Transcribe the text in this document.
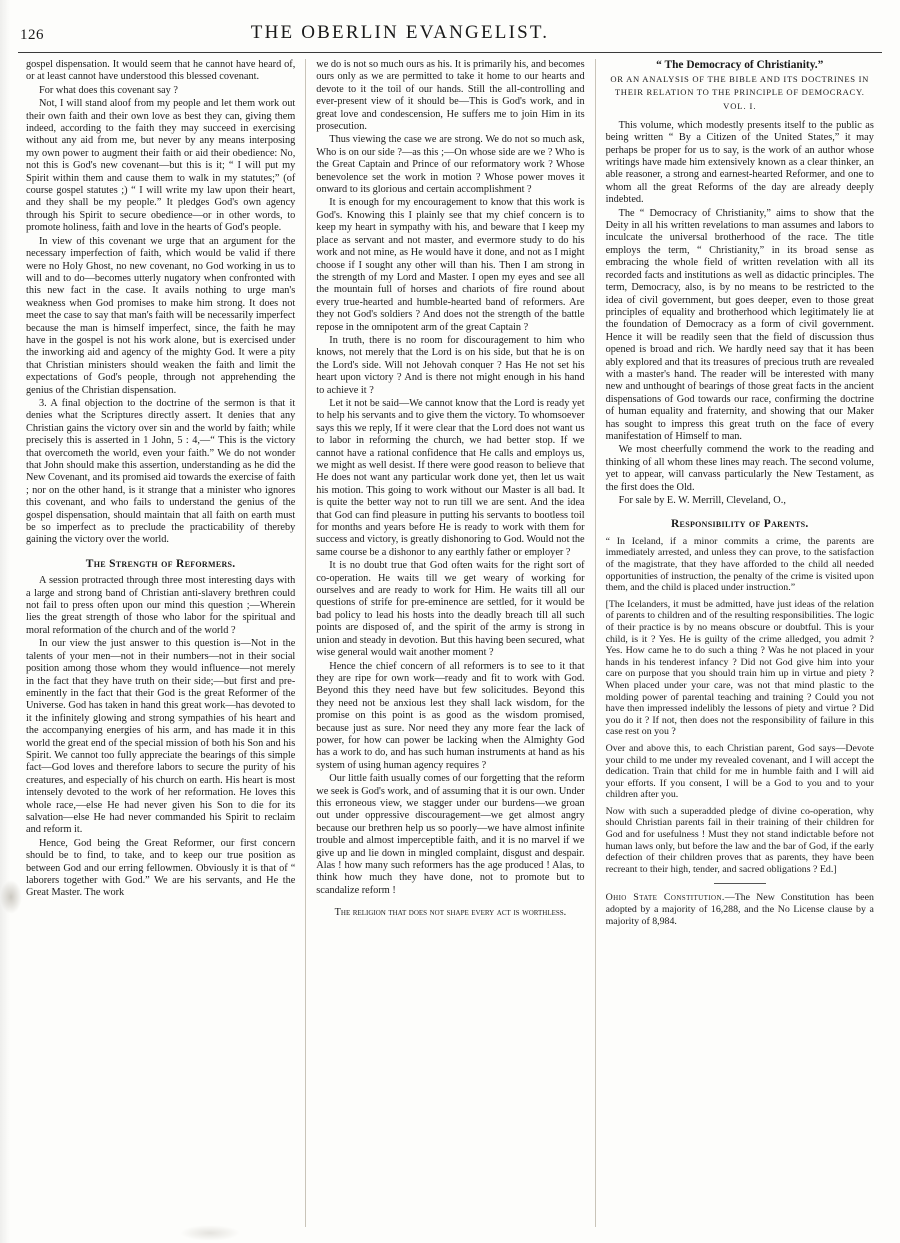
126	THE OBERLIN EVANGELIST.

gospel dispensation. It would seem that he cannot have heard of, or at least cannot have understood this blessed covenant.

For what does this covenant say ?

Not, I will stand aloof from my people and let them work out their own faith and their own love as best they can, giving them indeed, according to the faith they may succeed in exercising without any aid from me, but never by any means interposing my own power to augment their faith or aid their obedience: No, not this is God's new covenant—but this is it; “ I will put my Spirit within them and cause them to walk in my statutes;” (of course gospel statutes ;) “ I will write my law upon their heart, and they shall be my people.” It pledges God's own agency through his Spirit to secure obedience—or in other words, to promote holiness, faith and love in the hearts of God's people.

In view of this covenant we urge that an argument for the necessary imperfection of faith, which would be valid if there were no Holy Ghost, no new covenant, no God working in us to will and to do—becomes utterly nugatory when confronted with this new fact in the case. It avails nothing to urge man's weakness when God promises to make him strong. It does not meet the case to say that man's faith will be necessarily imperfect because the man is himself imperfect, since, the faith he may have in the gospel is not his work alone, but is exercised under the inworking aid and agency of the mighty God. It were a pity that Christian ministers should weaken the faith and limit the expectations of God's people, through not apprehending the genius of the Christian dispensation.

3. A final objection to the doctrine of the sermon is that it denies what the Scriptures directly assert. It denies that any Christian gains the victory over sin and the world by faith; while precisely this is asserted in 1 John, 5 : 4,—“ This is the victory that overcometh the world, even your faith.” We do not wonder that John should make this assertion, understanding as he did the New Covenant, and its promised aid towards the exercise of faith ; nor on the other hand, is it strange that a minister who ignores this covenant, and who fails to understand the genius of the gospel dispensation, should maintain that all faith on earth must be so imperfect as to preclude the practicability of thereby gaining the victory over the world.

The Strength of Reformers.

A session protracted through three most interesting days with a large and strong band of Christian anti-slavery brethren could not fail to press often upon our mind this question ;—Wherein lies the great strength of those who labor for the spiritual and moral reformation of the church and of the world ?

In our view the just answer to this question is—Not in the talents of your men—not in their numbers—not in their social position among those whom they would influence—not merely in the fact that they have truth on their side;—but first and pre-eminently in the fact that their God is the great Reformer of the Universe. God has taken in hand this great work—has devoted to it the infinitely glowing and strong sympathies of his heart and the accompanying energies of his arm, and has made it in this world the great end of the special mission of both his Son and his Spirit. We cannot too fully appreciate the bearings of this simple fact—God loves and therefore labors to secure the purity of his creatures, and especially of his church on earth. His heart is most intensely devoted to the work of her reformation. He loves this whole race,—else He had never given his Son to die for its salvation—else He had never commanded his Spirit to reclaim and reform it.

Hence, God being the Great Reformer, our first concern should be to find, to take, and to keep our true position as between God and our erring fellowmen. Obviously it is that of “ laborers together with God.” We are his servants, and He the Great Master. The work

we do is not so much ours as his. It is primarily his, and becomes ours only as we are permitted to take it home to our hearts and devote to it the toil of our hands. Still the all-controlling and ever-present view of it should be—This is God's work, and in great love and condescension, He suffers me to join Him in its prosecution.

Thus viewing the case we are strong. We do not so much ask, Who is on our side ?—as this ;—On whose side are we ? Who is the Great Captain and Prince of our reformatory work ? Whose benevolence set the work in motion ? Whose power moves it onward to its glorious and certain accomplishment ?

It is enough for my encouragement to know that this work is God's. Knowing this I plainly see that my chief concern is to keep my heart in sympathy with his, and beware that I keep my place as servant and not master, and evermore study to do his work and not mine, as He would have it done, and not as I might choose if I sought any other will than his. Then I am strong in the strength of my Lord and Master. I open my eyes and see all the mountain full of horses and chariots of fire round about every true-hearted and humble-hearted band of reformers. Are they not God's soldiers ? And does not the strength of the battle repose in the omnipotent arm of the great Captain ?

In truth, there is no room for discouragement to him who knows, not merely that the Lord is on his side, but that he is on the Lord's side. Will not Jehovah conquer ? Has He not set his heart upon victory ? And is there not might enough in his hand to achieve it ?

Let it not be said—We cannot know that the Lord is ready yet to help his servants and to give them the victory. To whomsoever says this we reply, If it were clear that the Lord does not want us to labor in reforming the church, we had better stop. If we cannot have a rational confidence that He calls and employs us, we might as well desist. If there were good reason to believe that He does not want any particular work done yet, then let us wait his motion. This going to work without our Master is all bad. It is quite the better way not to run till we are sent. And the idea that God can find pleasure in putting his servants to bootless toil for months and years before He is ready to work with them for success and victory, is greatly dishonoring to God. Would not the same course be a dishonor to any earthly father or employer ?

It is no doubt true that God often waits for the right sort of co-operation. He waits till we get weary of working for ourselves and are ready to work for Him. He waits till all our questions of strife for pre-eminence are settled, for it would be bad policy to lead his hosts into the deadly breach till all such points are disposed of, and the spirit of the army is strong in union and steady in devotion. But this having been secured, what wise general would wait another moment ?

Hence the chief concern of all reformers is to see to it that they are ripe for own work—ready and fit to work with God. Beyond this they need have but few solicitudes. Beyond this they need not be anxious lest they shall lack wisdom, for the promise on this point is as good as the wisdom promised, because just as sure. Nor need they any more fear the lack of power, for how can power be lacking when the Almighty God has a work to do, and has such human instruments at hand as his system of using human agency requires ?

Our little faith usually comes of our forgetting that the reform we seek is God's work, and of assuming that it is our own. Under this erroneous view, we stagger under our burdens—we groan out under oppressive discouragement—we get almost angry because our brethren help us so poorly—we have almost infinite trouble and almost imperceptible faith, and it is no marvel if we give up and lie down in mingled complaint, disgust and despair. Alas ! how many such reformers has the age produced ! Alas, to think how much they have done, not to promote but to scandalize reform !

The religion that does not shape every act is worthless.
“ The Democracy of Christianity.”
OR AN ANALYSIS OF THE BIBLE AND ITS DOCTRINES IN
THEIR RELATION TO THE PRINCIPLE OF DEMOCRACY.
VOL. I.

This volume, which modestly presents itself to the public as being written “ By a Citizen of the United States,” it may perhaps be proper for us to say, is the work of an author whose writings have made him extensively known as a clear thinker, an able reasoner, a strong and earnest-hearted Reformer, and one to whom all the great Reforms of the day are already deeply indebted.

The “ Democracy of Christianity,” aims to show that the Deity in all his written revelations to man assumes and labors to inculcate the universal brotherhood of the race. The title employs the term, “ Christianity,” in its broad sense as embracing the whole field of written revelation with all its recorded facts and institutions as well as didactic principles. The term, Democracy, also, is by no means to be restricted to the idea of civil government, but goes deeper, even to those great principles of equality and brotherhood which legitimately lie at the foundation of Democracy as a form of civil government. Hence it will be readily seen that the field of discussion thus opened is broad and rich. We hardly need say that it has been ably explored and that its treasures of precious truth are revealed with a master's hand. The reader will be interested with many new and unthought of bearings of those great facts in the ancient dispensations of God towards our race, confirming the doctrine of human equality and fraternity, and showing that our Maker has sought to impress this great truth on the face of every manifestation of Himself to man.

We most cheerfully commend the work to the reading and thinking of all whom these lines may reach. The second volume, yet to appear, will canvass particularly the New Testament, as the first does the Old.

For sale by E. W. Merrill, Cleveland, O.,

Responsibility of Parents.
“ In Iceland, if a minor commits a crime, the parents are immediately arrested, and unless they can prove, to the satisfaction of the magistrate, that they have afforded to the child all needed opportunities of instruction, the penalty of the crime is visited upon them, and the child is placed under instruction.”
[The Icelanders, it must be admitted, have just ideas of the relation of parents to children and of the resulting responsibilities. The logic of their practice is by no means obscure or doubtful. This is your child, is it ? Yes. He is guilty of the crime alledged, you admit ? Yes. How came he to do such a thing ? Was he not placed in your hands in his tenderest infancy ? Did not God give him into your care on purpose that you should train him up in virtue and piety ? When placed under your care, was not that mind plastic to the molding power of parental teaching and training ? Could you not have then impressed indelibly the lessons of piety and virtue ? Did you do it ? If not, then does not the responsibility of failure in this case rest on you ?
Over and above this, to each Christian parent, God says—Devote your child to me under my revealed covenant, and I will accept the dedication. Train that child for me in humble faith and I will aid your efforts. If you consent, I will be a God to you and to your children after you.
Now with such a superadded pledge of divine co-operation, why should Christian parents fail in their training of their children for God and for usefulness ! Must they not stand indictable before not human laws only, but before the law and the bar of God, if the early defection of their children proves that as parents, they have been recreant to their high, tender, and sacred obligations ? Ed.]
Ohio State Constitution.—The New Constitution has been adopted by a majority of 16,288, and the No License clause by a majority of 8,984.
